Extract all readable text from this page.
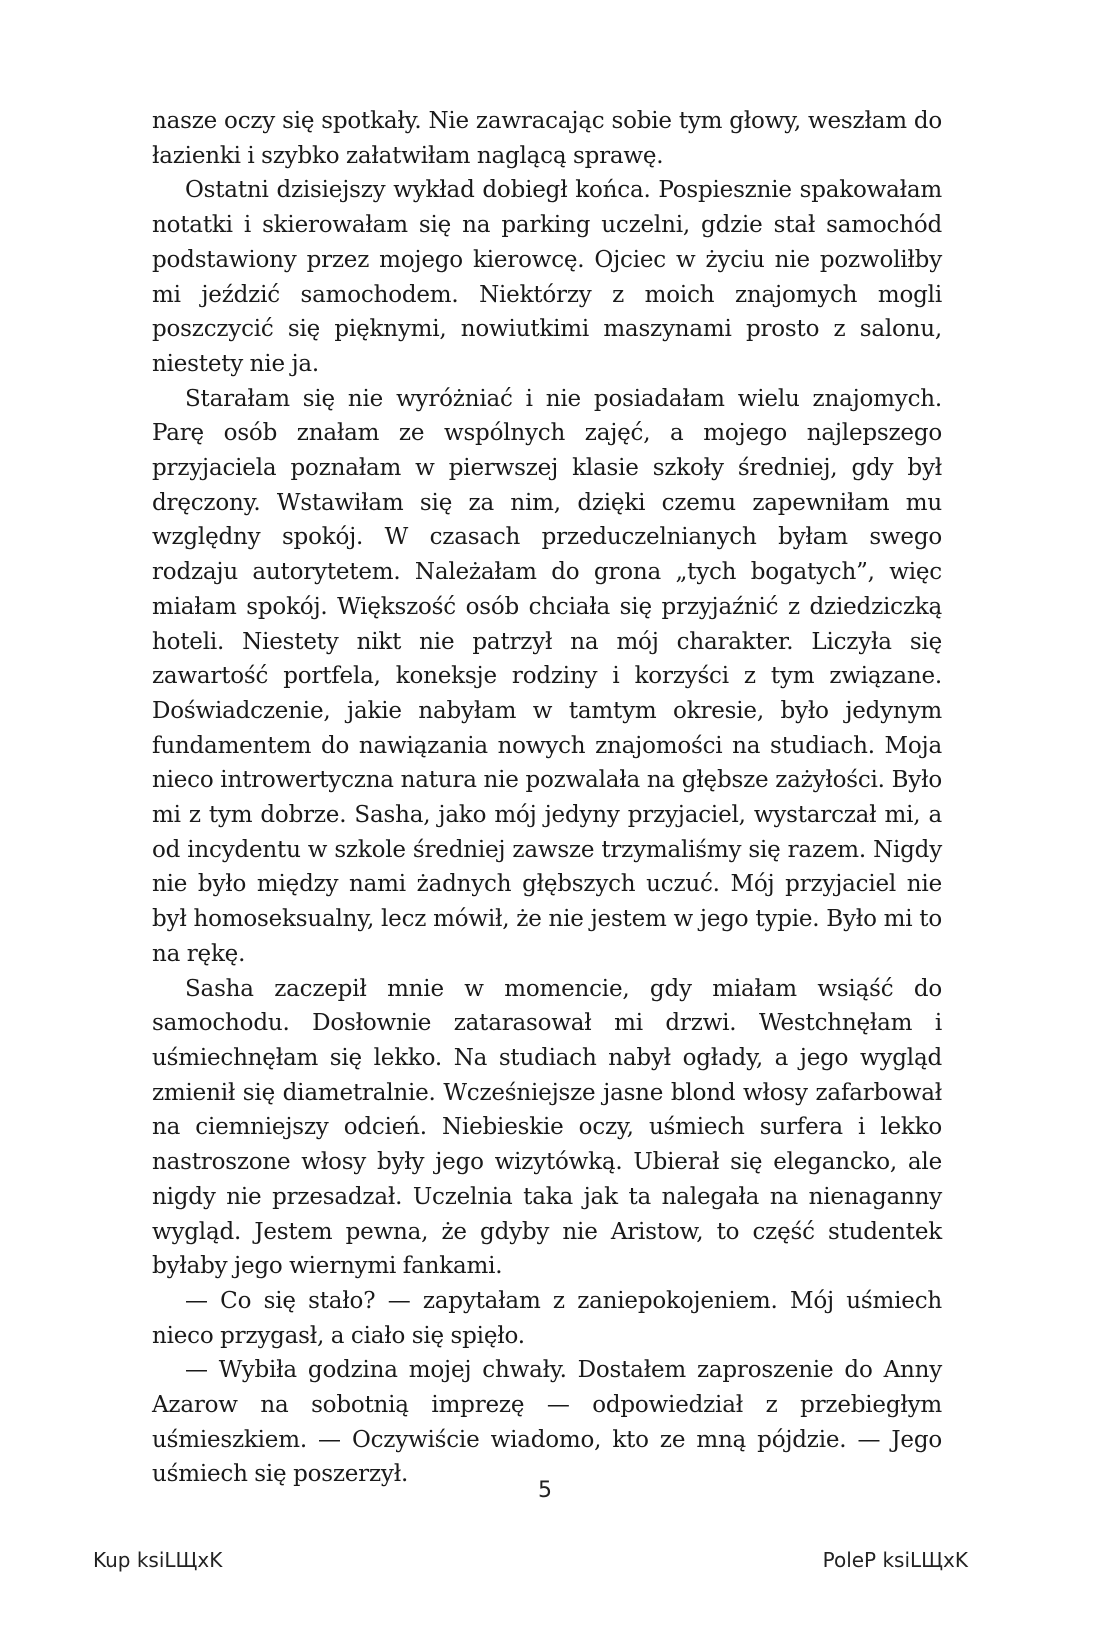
nasze oczy się spotkały. Nie zawracając sobie tym głowy, weszłam do łazienki i szybko załatwiłam naglącą sprawę.

Ostatni dzisiejszy wykład dobiegł końca. Pospiesznie spakowałam notatki i skierowałam się na parking uczelni, gdzie stał samochód podstawiony przez mojego kierowcę. Ojciec w życiu nie pozwoliłby mi jeździć samochodem. Niektórzy z moich znajomych mogli poszczycić się pięknymi, nowiutkimi maszynami prosto z salonu, niestety nie ja.

Starałam się nie wyróżniać i nie posiadałam wielu znajomych. Parę osób znałam ze wspólnych zajęć, a mojego najlepszego przyjaciela poznałam w pierwszej klasie szkoły średniej, gdy był dręczony. Wstawiłam się za nim, dzięki czemu zapewniłam mu względny spokój. W czasach przeduczelnianych byłam swego rodzaju autorytetem. Należałam do grona „tych bogatych”, więc miałam spokój. Większość osób chciała się przyjaźnić z dziedziczką hoteli. Niestety nikt nie patrzył na mój charakter. Liczyła się zawartość portfela, koneksje rodziny i korzyści z tym związane. Doświadczenie, jakie nabyłam w tamtym okresie, było jedynym fundamentem do nawiązania nowych znajomości na studiach. Moja nieco introwertyczna natura nie pozwalała na głębsze zażyłości. Było mi z tym dobrze. Sasha, jako mój jedyny przyjaciel, wystarczał mi, a od incydentu w szkole średniej zawsze trzymaliśmy się razem. Nigdy nie było między nami żadnych głębszych uczuć. Mój przyjaciel nie był homoseksualny, lecz mówił, że nie jestem w jego typie. Było mi to na rękę.

Sasha zaczepił mnie w momencie, gdy miałam wsiąść do samochodu. Dosłownie zatarasował mi drzwi. Westchnęłam i uśmiechnęłam się lekko. Na studiach nabył ogłady, a jego wygląd zmienił się diametralnie. Wcześniejsze jasne blond włosy zafarbował na ciemniejszy odcień. Niebieskie oczy, uśmiech surfera i lekko nastroszone włosy były jego wizytówką. Ubierał się elegancko, ale nigdy nie przesadzał. Uczelnia taka jak ta nalegała na nienaganny wygląd. Jestem pewna, że gdyby nie Aristow, to część studentek byłaby jego wiernymi fankami.

— Co się stało? — zapytałam z zaniepokojeniem. Mój uśmiech nieco przygasł, a ciało się spięło.

— Wybiła godzina mojej chwały. Dostałem zaproszenie do Anny Azarow na sobotnią imprezę — odpowiedział z przebiegłym uśmieszkiem. — Oczywiście wiadomo, kto ze mną pójdzie. — Jego uśmiech się poszerzył.

5
Kup ksiLЩxK	PoleP ksiLЩxK
